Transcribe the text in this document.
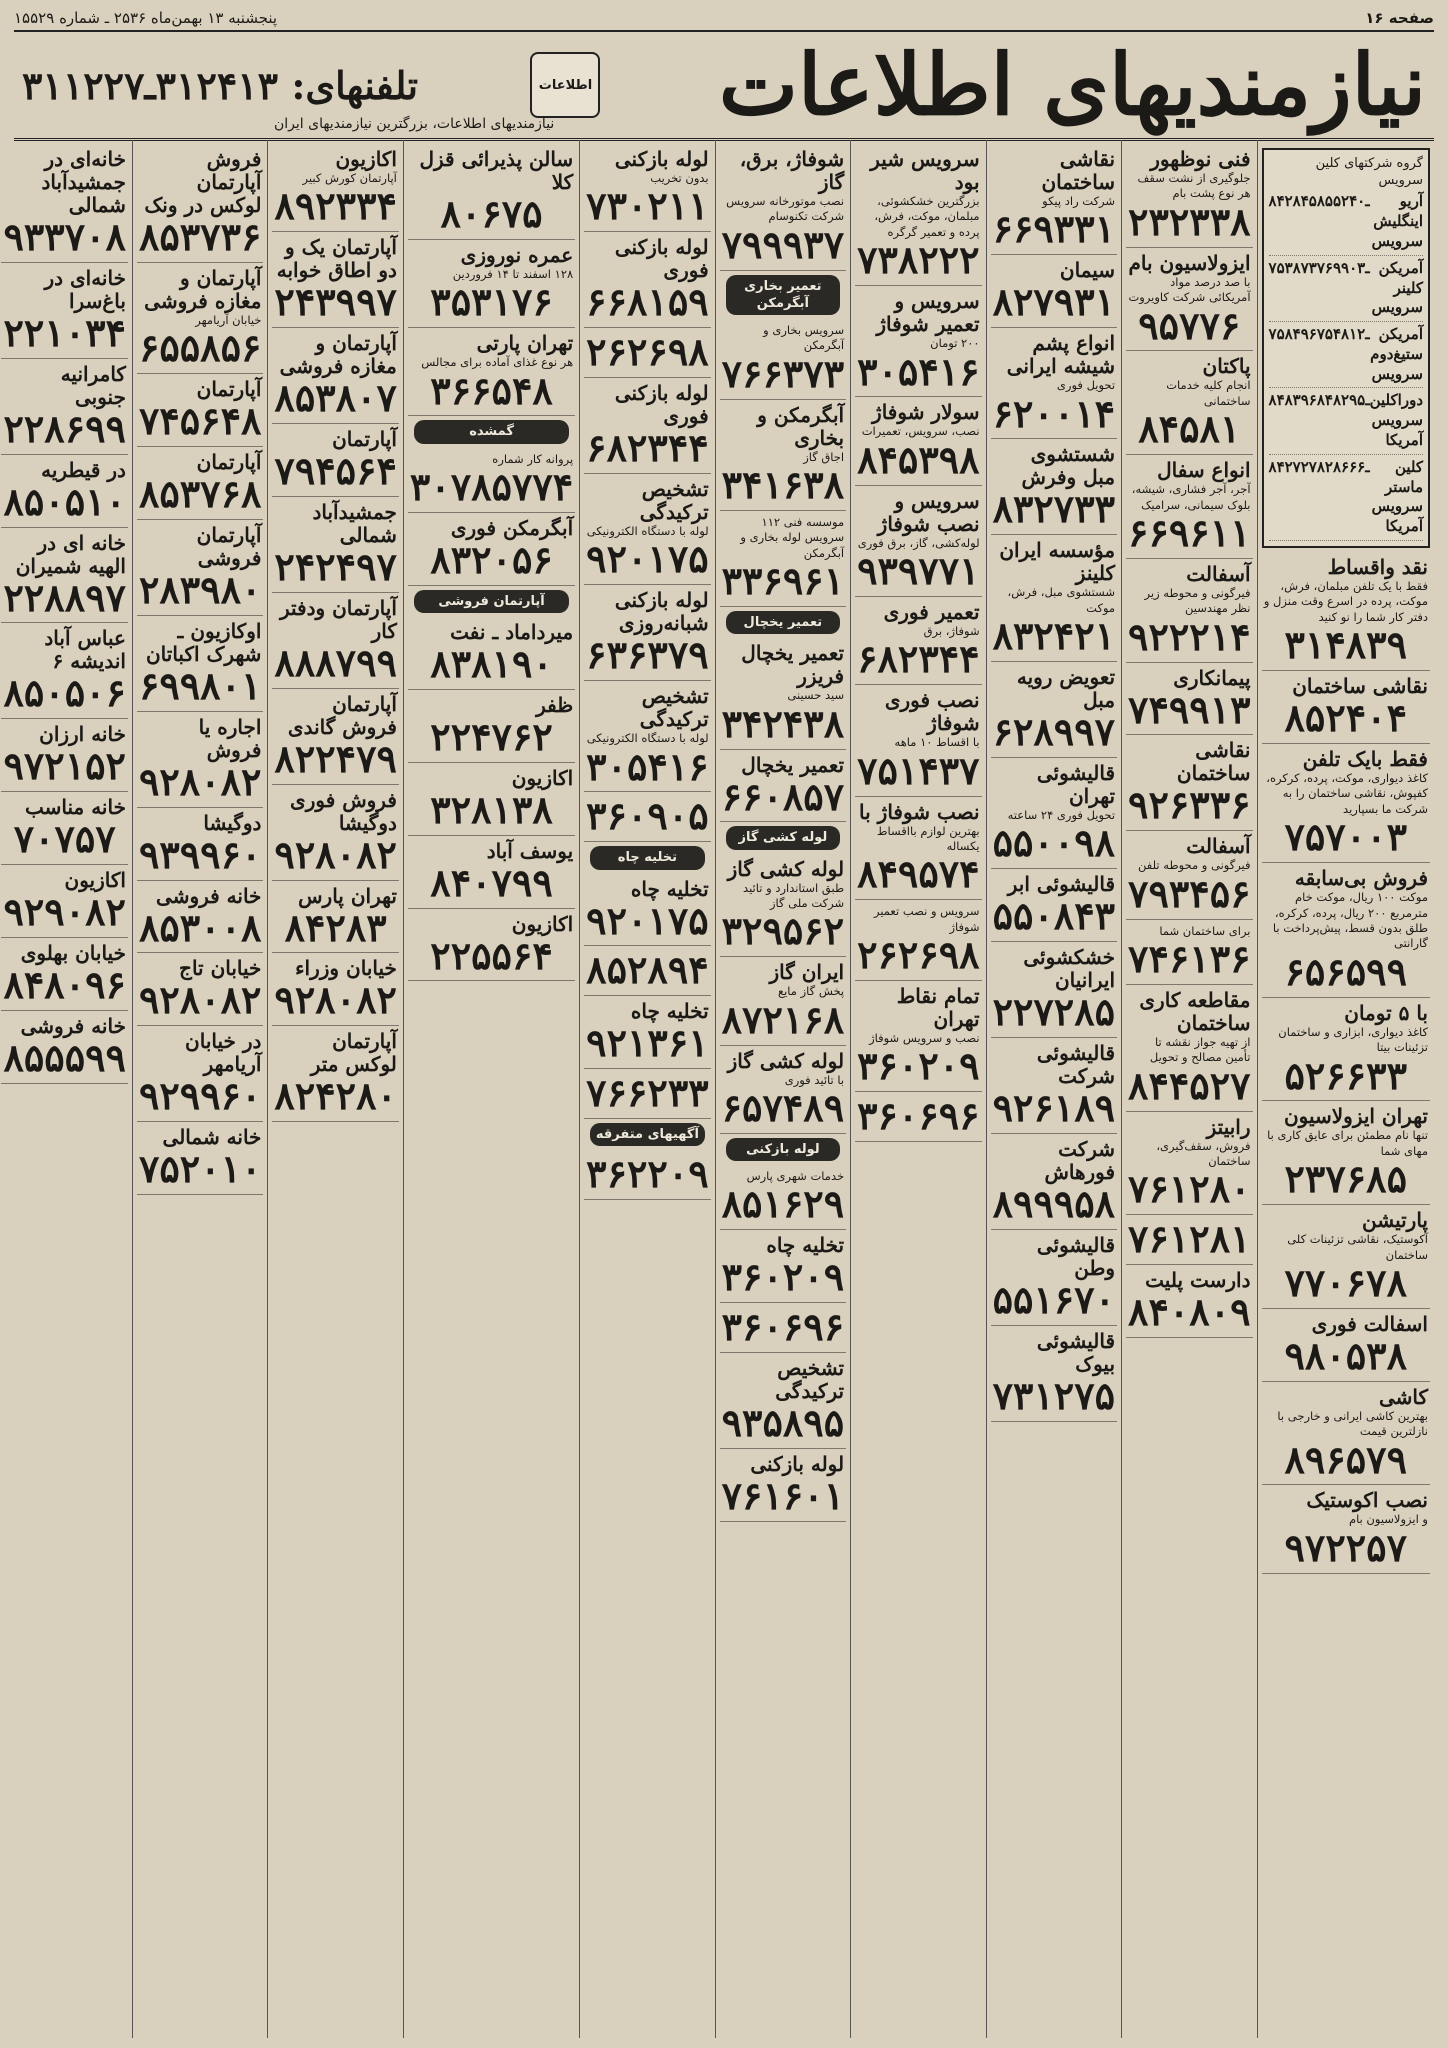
پنجشنبه ۱۳ بهمن‌ماه ۲۵۳۶ ـ شماره ۱۵۵۲۹	صفحه ۱۶
نیازمندیهای اطلاعات
اطلاعات
تلفنهای: ۳۱۲۴۱۳ـ۳۱۱۲۲۷
نیازمندیهای اطلاعات، بزرگترین نیازمندیهای ایران
گروه شرکتهای کلین سرویس
آریو اینگلیش سرویس
۸۴۲۸۴۵ـ۸۵۵۲۴۰
آمریکن کلینر سرویس
۷۵۳۸۷۳ـ۷۶۹۹۰۳
آمریکن ستیغ‌دوم سرویس
۷۵۸۴۹۶ـ۷۵۴۸۱۲
دوراکلین سرویس آمریکا
۸۴۸۳۹۶ـ۸۴۸۲۹۵
کلین ماستر سرویس آمریکا
۸۴۲۷۲۷ـ۸۲۸۶۶۶
نقد واقساط
فقط با یک تلفن مبلمان، فرش، موکت، پرده در اسرع وقت منزل و دفتر کار شما را نو کنید
۳۱۴۸۳۹
نقاشی ساختمان
۸۵۲۴۰۴
فقط بایک تلفن
کاغذ دیواری، موکت، پرده، کرکره، کفپوش، نقاشی ساختمان را به شرکت ما بسپارید
۷۵۷۰۰۳
فروش بی‌سابقه
موکت ۱۰۰ ریال، موکت خام مترمربع ۲۰۰ ریال، پرده، کرکره، طلق بدون قسط، پیش‌پرداخت با گارانتی
۶۵۶۵۹۹
با ۵ تومان
کاغذ دیواری، ابزاری و ساختمان تزئینات بیتا
۵۲۶۶۳۳
تهران ایزولاسیون
تنها نام مطمئن برای عایق کاری با مهای شما
۲۳۷۶۸۵
پارتیشن
آکوستیک، نقاشی تزئینات کلی ساختمان
۷۷۰۶۷۸
اسفالت فوری
۹۸۰۵۳۸
کاشی
بهترین کاشی ایرانی و خارجی با نازلترین قیمت
۸۹۶۵۷۹
نصب اکوستیک
و ایزولاسیون بام
۹۷۲۲۵۷
فنی نوظهور
جلوگیری از نشت سقف هر نوع پشت بام
۲۳۲۳۳۸
ایزولاسیون بام
با صد درصد مواد آمریکائی شرکت کاویروت
۹۵۷۷۶
پاکتان
انجام کلیه خدمات ساختمانی
۸۴۵۸۱
انواع سفال
آجر، آجر فشاری، شیشه، بلوک سیمانی، سرامیک
۶۶۹۶۱۱
آسفالت
فیرگونی و محوطه زیر نظر مهندسین
۹۲۲۲۱۴
پیمانکاری
۷۴۹۹۱۳
نقاشی ساختمان
۹۲۶۳۳۶
آسفالت
فیرگونی و محوطه تلفن
۷۹۳۴۵۶
برای ساختمان شما
۷۴۶۱۳۶
مقاطعه کاری ساختمان
از تهیه جواز نقشه تا تأمین مصالح و تحویل
۸۴۴۵۲۷
رابیتز
فروش، سقف‌گیری، ساختمان
۷۶۱۲۸۰
۷۶۱۲۸۱
دارست پلیت
۸۴۰۸۰۹
نقاشی ساختمان
شرکت راد پیکو
۶۶۹۳۳۱
سیمان
۸۲۷۹۳۱
انواع پشم شیشه ایرانی
تحویل فوری
۶۲۰۰۱۴
شستشوی مبل وفرش
۸۳۲۷۳۳
مؤسسه ایران کلینز
شستشوی مبل، فرش، موکت
۸۳۲۴۲۱
تعویض رویه مبل
۶۲۸۹۹۷
قالیشوئی تهران
تحویل فوری ۲۴ ساعته
۵۵۰۰۹۸
قالیشوئی ابر
۵۵۰۸۴۳
خشکشوئی ایرانیان
۲۲۷۲۸۵
قالیشوئی شرکت
۹۲۶۱۸۹
شرکت فورهاش
۸۹۹۹۵۸
قالیشوئی وطن
۵۵۱۶۷۰
قالیشوئی بیوک
۷۳۱۲۷۵
سرویس شیر بود
بزرگترین خشکشوئی، مبلمان، موکت، فرش، پرده و تعمیر گرگره
۷۳۸۲۲۲
سرویس و تعمیر شوفاژ
۲۰۰ تومان
۳۰۵۴۱۶
سولار شوفاژ
نصب، سرویس، تعمیرات
۸۴۵۳۹۸
سرویس و نصب شوفاژ
لوله‌کشی، گاز، برق فوری
۹۳۹۷۷۱
تعمیر فوری
شوفاژ، برق
۶۸۲۳۴۴
نصب فوری شوفاژ
با اقساط ۱۰ ماهه
۷۵۱۴۳۷
نصب شوفاژ با
بهترین لوازم بااقساط یکساله
۸۴۹۵۷۴
سرویس و نصب تعمیر شوفاژ
۲۶۲۶۹۸
تمام نقاط تهران
نصب و سرویس شوفاژ
۳۶۰۲۰۹
۳۶۰۶۹۶
شوفاژ، برق، گاز
نصب موتورخانه سرویس شرکت تکنوسام
۷۹۹۹۳۷
تعمیر بخاری آبگرمکن
سرویس بخاری و آبگرمکن
۷۶۶۳۷۳
آبگرمکن و بخاری
اجاق گاز
۳۴۱۶۳۸
موسسه فنی ۱۱۲ سرویس لوله بخاری و آبگرمکن
۳۳۶۹۶۱
تعمیر یخچال
تعمیر یخچال فریزر
سید حسینی
۳۴۲۴۳۸
تعمیر یخچال
۶۶۰۸۵۷
لوله کشی گاز
لوله کشی گاز
طبق استاندارد و تائید شرکت ملی گاز
۳۲۹۵۶۲
ایران گاز
پخش گاز مایع
۸۷۲۱۶۸
لوله کشی گاز
با تائید فوری
۶۵۷۴۸۹
لوله بازکنی
خدمات شهری پارس
۸۵۱۶۲۹
تخلیه چاه
۳۶۰۲۰۹
۳۶۰۶۹۶
تشخیص ترکیدگی
۹۳۵۸۹۵
لوله بازکنی
۷۶۱۶۰۱
لوله بازکنی
بدون تخریب
۷۳۰۲۱۱
لوله بازکنی فوری
۶۶۸۱۵۹
۲۶۲۶۹۸
لوله بازکنی فوری
۶۸۲۳۴۴
تشخیص ترکیدگی
لوله با دستگاه الکترونیکی
۹۲۰۱۷۵
لوله بازکنی شبانه‌روزی
۶۳۶۳۷۹
تشخیص ترکیدگی
لوله با دستگاه الکترونیکی
۳۰۵۴۱۶
۳۶۰۹۰۵
تخلیه چاه
تخلیه چاه
۹۲۰۱۷۵
۸۵۲۸۹۴
تخلیه چاه
۹۲۱۳۶۱
۷۶۶۲۳۳
آگهیهای متفرقه
۳۶۲۲۰۹
سالن پذیرائی قزل کلا
۸۰۶۷۵
عمره نوروزی
۱۲۸ اسفند تا ۱۴ فروردین
۳۵۳۱۷۶
تهران پارتی
هر نوع غذای آماده برای مجالس
۳۶۶۵۴۸
گمشده
پروانه کار شماره
۳۰۷۸۵۷۷۴
آبگرمکن فوری
۸۳۲۰۵۶
آپارتمان فروشی
میرداماد ـ نفت
۸۳۸۱۹۰
ظفر
۲۲۴۷۶۲
اکازیون
۳۲۸۱۳۸
یوسف آباد
۸۴۰۷۹۹
اکازیون
۲۲۵۵۶۴
اکازیون
آپارتمان کورش کبیر
۸۹۲۳۳۴
آپارتمان یک و دو اطاق خوابه
۲۴۳۹۹۷
آپارتمان و مغازه فروشی
۸۵۳۸۰۷
آپارتمان
۷۹۴۵۶۴
جمشیدآباد شمالی
۲۴۲۴۹۷
آپارتمان ودفتر کار
۸۸۸۷۹۹
آپارتمان فروش گاندی
۸۲۲۴۷۹
فروش فوری دوگیشا
۹۲۸۰۸۲
تهران پارس
۸۴۲۸۳
خیابان وزراء
۹۲۸۰۸۲
آپارتمان لوکس متر
۸۲۴۲۸۰
فروش آپارتمان لوکس در ونک
۸۵۳۷۳۶
آپارتمان و مغازه فروشی
خیابان آریامهر
۶۵۵۸۵۶
آپارتمان
۷۴۵۶۴۸
آپارتمان
۸۵۳۷۶۸
آپارتمان فروشی
۲۸۳۹۸۰
اوکازیون ـ شهرک اکباتان
۶۹۹۸۰۱
اجاره یا فروش
۹۲۸۰۸۲
دوگیشا
۹۳۹۹۶۰
خانه فروشی
۸۵۳۰۰۸
خیابان تاج
۹۲۸۰۸۲
در خیابان آریامهر
۹۲۹۹۶۰
خانه شمالی
۷۵۲۰۱۰
خانه‌ای در جمشیدآباد شمالی
۹۳۳۷۰۸
خانه‌ای در باغ‌سرا
۲۲۱۰۳۴
کامرانیه جنوبی
۲۲۸۶۹۹
در قیطریه
۸۵۰۵۱۰
خانه ای در الهیه شمیران
۲۲۸۸۹۷
عباس آباد اندیشه ۶
۸۵۰۵۰۶
خانه ارزان
۹۷۲۱۵۲
خانه مناسب
۷۰۷۵۷
اکازیون
۹۲۹۰۸۲
خیابان بهلوی
۸۴۸۰۹۶
خانه فروشی
۸۵۵۵۹۹
